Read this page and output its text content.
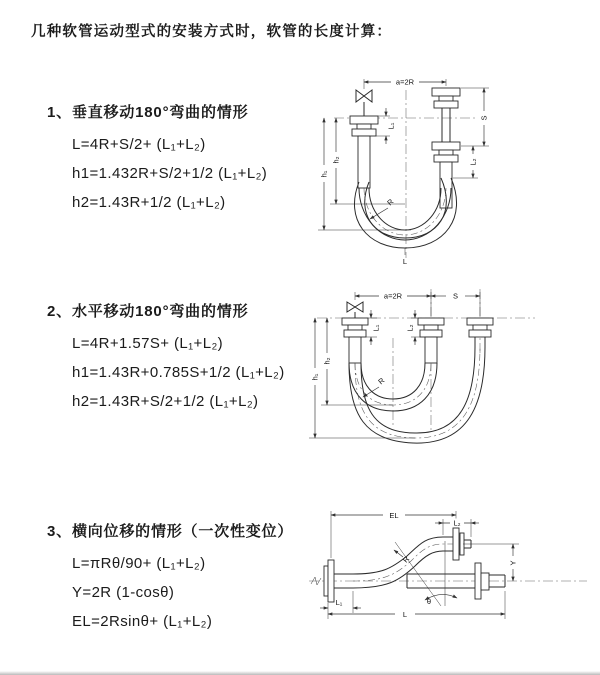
几种软管运动型式的安装方式时，软管的长度计算：
1、垂直移动180°弯曲的情形
L=4R+S/2+ (L₁+L₂)
h1=1.432R+S/2+1/2 (L₁+L₂)
h2=1.43R+1/2 (L₁+L₂)
2、水平移动180°弯曲的情形
L=4R+1.57S+ (L₁+L₂)
h1=1.43R+0.785S+1/2 (L₁+L₂)
h2=1.43R+S/2+1/2 (L₁+L₂)
3、横向位移的情形（一次性变位）
L=πRθ/90+ (L₁+L₂)
Y=2R (1-cosθ)
EL=2Rsinθ+ (L₁+L₂)
a=2R
S
L₂
h₁
h₂
L₁
R
L
a=2R	S
L₁	L₂
h₁
h₂
R
θ
EL
L₂
Y
R
L
L₁
